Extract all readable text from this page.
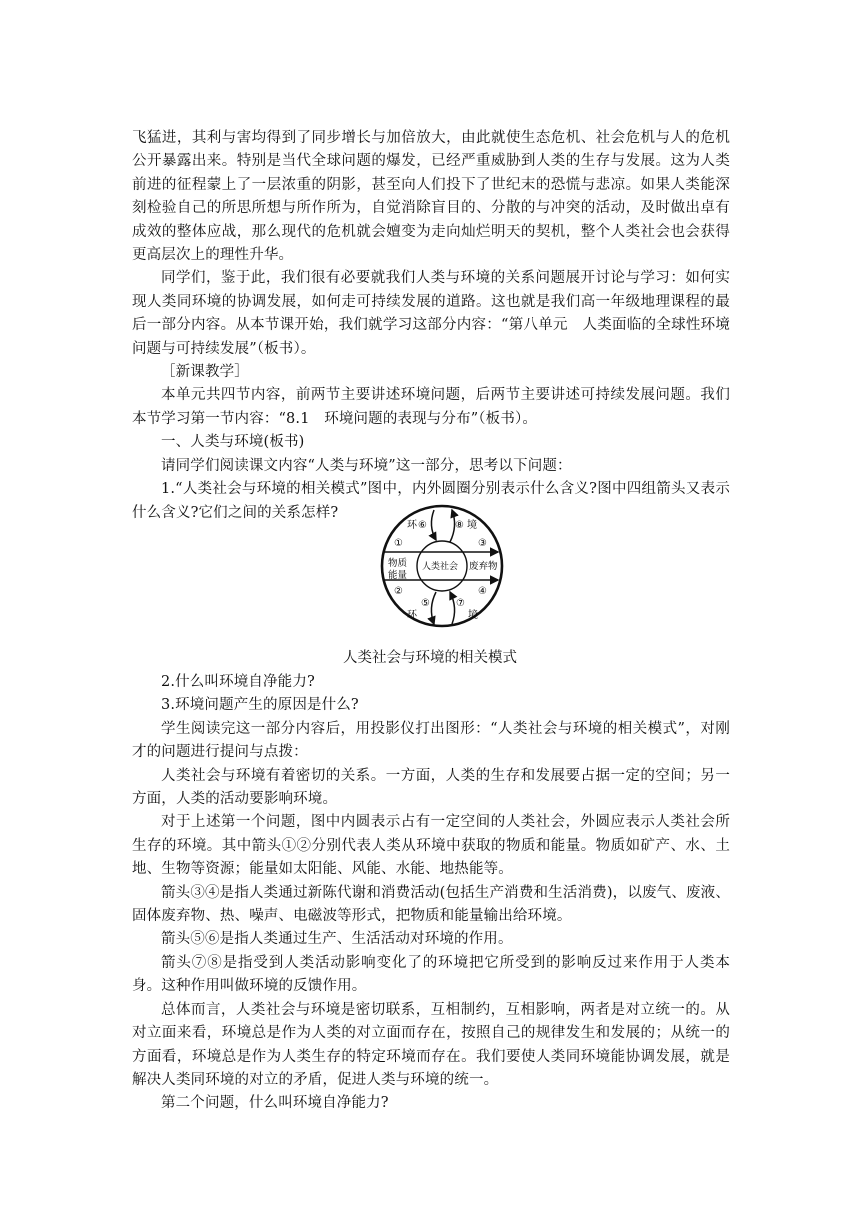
飞猛进，其利与害均得到了同步增长与加倍放大，由此就使生态危机、社会危机与人的危机公开暴露出来。特别是当代全球问题的爆发，已经严重威胁到人类的生存与发展。这为人类前进的征程蒙上了一层浓重的阴影，甚至向人们投下了世纪末的恐慌与悲凉。如果人类能深刻检验自己的所思所想与所作所为，自觉消除盲目的、分散的与冲突的活动，及时做出卓有成效的整体应战，那么现代的危机就会嬗变为走向灿烂明天的契机，整个人类社会也会获得更高层次上的理性升华。

同学们，鉴于此，我们很有必要就我们人类与环境的关系问题展开讨论与学习：如何实现人类同环境的协调发展，如何走可持续发展的道路。这也就是我们高一年级地理课程的最后一部分内容。从本节课开始，我们就学习这部分内容：“第八单元　人类面临的全球性环境问题与可持续发展”（板书）。

［新课教学］

本单元共四节内容，前两节主要讲述环境问题，后两节主要讲述可持续发展问题。我们本节学习第一节内容：“8.1　环境问题的表现与分布”（板书）。

一、人类与环境(板书)

请同学们阅读课文内容“人类与环境”这一部分，思考以下问题：

1.“人类社会与环境的相关模式”图中，内外圆圈分别表示什么含义?图中四组箭头又表示什么含义?它们之间的关系怎样?

环 ⑥	⑧ 境
①	③
物质 人类社会 废弃物
能量
②	④
⑤	⑦
环	境
人类社会与环境的相关模式

2.什么叫环境自净能力?

3.环境问题产生的原因是什么?

学生阅读完这一部分内容后，用投影仪打出图形：“人类社会与环境的相关模式”，对刚才的问题进行提问与点拨：

人类社会与环境有着密切的关系。一方面，人类的生存和发展要占据一定的空间；另一方面，人类的活动要影响环境。

对于上述第一个问题，图中内圆表示占有一定空间的人类社会，外圆应表示人类社会所生存的环境。其中箭头①②分别代表人类从环境中获取的物质和能量。物质如矿产、水、土地、生物等资源；能量如太阳能、风能、水能、地热能等。

箭头③④是指人类通过新陈代谢和消费活动(包括生产消费和生活消费)，以废气、废液、固体废弃物、热、噪声、电磁波等形式，把物质和能量输出给环境。

箭头⑤⑥是指人类通过生产、生活活动对环境的作用。

箭头⑦⑧是指受到人类活动影响变化了的环境把它所受到的影响反过来作用于人类本身。这种作用叫做环境的反馈作用。

总体而言，人类社会与环境是密切联系，互相制约，互相影响，两者是对立统一的。从对立面来看，环境总是作为人类的对立面而存在，按照自己的规律发生和发展的；从统一的方面看，环境总是作为人类生存的特定环境而存在。我们要使人类同环境能协调发展，就是解决人类同环境的对立的矛盾，促进人类与环境的统一。

第二个问题，什么叫环境自净能力?
